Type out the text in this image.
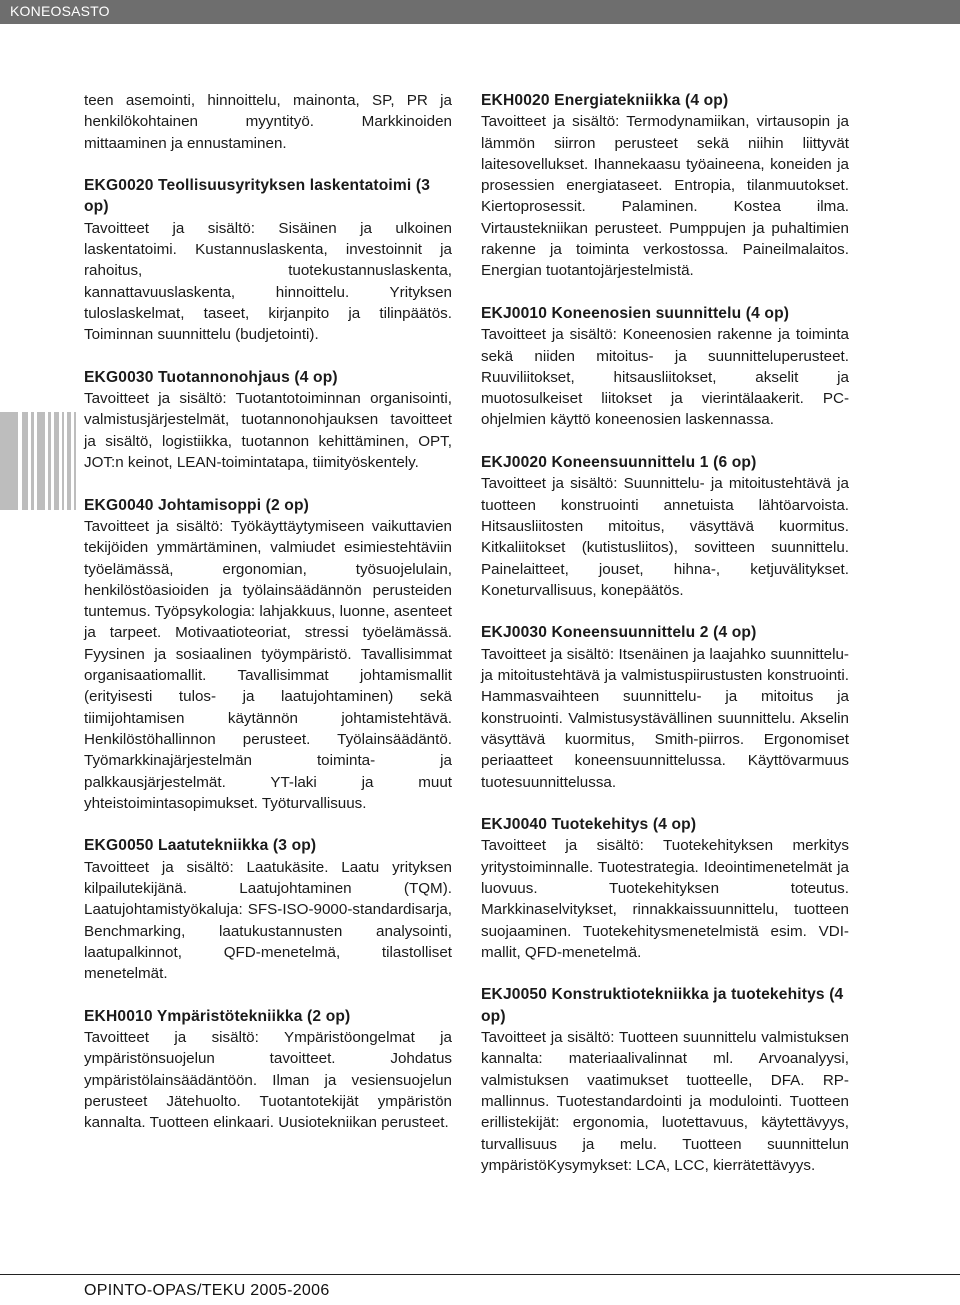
KONEOSASTO

teen asemointi, hinnoittelu, mainonta, SP, PR ja henkilökohtainen myyntityö. Markkinoiden mittaaminen ja ennustaminen.

EKG0020 Teollisuusyrityksen laskentatoimi (3 op)

Tavoitteet ja sisältö: Sisäinen ja ulkoinen laskentatoimi. Kustannuslaskenta, investoinnit ja rahoitus, tuotekustannuslaskenta, kannattavuuslaskenta, hinnoittelu. Yrityksen tuloslaskelmat, taseet, kirjanpito ja tilinpäätös. Toiminnan suunnittelu (budjetointi).

EKG0030 Tuotannonohjaus (4 op)

Tavoitteet ja sisältö: Tuotantotoiminnan organisointi, valmistusjärjestelmät, tuotannonohjauksen tavoitteet ja sisältö, logistiikka, tuotannon kehittäminen, OPT, JOT:n keinot, LEAN-toimintatapa, tiimityöskentely.

EKG0040 Johtamisoppi (2 op)

Tavoitteet ja sisältö: Työkäyttäytymiseen vaikuttavien tekijöiden ymmärtäminen, valmiudet esimiestehtäviin työelämässä, ergonomian, työsuojelulain, henkilöstöasioiden ja työlainsäädännön perusteiden tuntemus. Työpsykologia: lahjakkuus, luonne, asenteet ja tarpeet. Motivaatioteoriat, stressi työelämässä. Fyysinen ja sosiaalinen työympäristö. Tavallisimmat organisaatiomallit. Tavallisimmat johtamismallit (erityisesti tulos- ja laatujohtaminen) sekä tiimijohtamisen käytännön johtamistehtävä. Henkilöstöhallinnon perusteet. Työlainsäädäntö. Työmarkkinajärjestelmän toiminta- ja palkkausjärjestelmät. YT-laki ja muut yhteistoimintasopimukset. Työturvallisuus.

EKG0050 Laatutekniikka (3 op)

Tavoitteet ja sisältö: Laatukäsite. Laatu yrityksen kilpailutekijänä. Laatujohtaminen (TQM). Laatujohtamistyökaluja: SFS-ISO-9000-standardisarja, Benchmarking, laatukustannusten analysointi, laatupalkinnot, QFD-menetelmä, tilastolliset menetelmät.

EKH0010 Ympäristötekniikka (2 op)

Tavoitteet ja sisältö: Ympäristöongelmat ja ympäristönsuojelun tavoitteet. Johdatus ympäristölainsäädäntöön. Ilman ja vesiensuojelun perusteet Jätehuolto. Tuotantotekijät ympäristön kannalta. Tuotteen elinkaari. Uusiotekniikan perusteet.

EKH0020 Energiatekniikka (4 op)

Tavoitteet ja sisältö: Termodynamiikan, virtausopin ja lämmön siirron perusteet sekä niihin liittyvät laitesovellukset. Ihannekaasu työaineena, koneiden ja prosessien energiataseet. Entropia, tilanmuutokset. Kiertoprosessit. Palaminen. Kostea ilma. Virtaustekniikan perusteet. Pumppujen ja puhaltimien rakenne ja toiminta verkostossa. Paineilmalaitos. Energian tuotantojärjestelmistä.

EKJ0010 Koneenosien suunnittelu (4 op)

Tavoitteet ja sisältö: Koneenosien rakenne ja toiminta sekä niiden mitoitus- ja suunnitteluperusteet. Ruuviliitokset, hitsausliitokset, akselit ja muotosulkeiset liitokset ja vierintälaakerit. PC-ohjelmien käyttö koneenosien laskennassa.

EKJ0020 Koneensuunnittelu 1 (6 op)

Tavoitteet ja sisältö: Suunnittelu- ja mitoitustehtävä ja tuotteen konstruointi annetuista lähtöarvoista. Hitsausliitosten mitoitus, väsyttävä kuormitus. Kitkaliitokset (kutistusliitos), sovitteen suunnittelu. Painelaitteet, jouset, hihna-, ketjuvälitykset. Koneturvallisuus, konepäätös.

EKJ0030 Koneensuunnittelu 2 (4 op)

Tavoitteet ja sisältö: Itsenäinen ja laajahko suunnittelu- ja mitoitustehtävä ja valmistuspiirustusten konstruointi. Hammasvaihteen suunnittelu- ja mitoitus ja konstruointi. Valmistusystävällinen suunnittelu. Akselin väsyttävä kuormitus, Smith-piirros. Ergonomiset periaatteet koneensuunnittelussa. Käyttövarmuus tuotesuunnittelussa.

EKJ0040 Tuotekehitys (4 op)

Tavoitteet ja sisältö: Tuotekehityksen merkitys yritystoiminnalle. Tuotestrategia. Ideointimenetelmät ja luovuus. Tuotekehityksen toteutus. Markkinaselvitykset, rinnakkaissuunnittelu, tuotteen suojaaminen. Tuotekehitysmenetelmistä esim. VDI-mallit, QFD-menetelmä.

EKJ0050 Konstruktiotekniikka ja tuotekehitys (4 op)

Tavoitteet ja sisältö: Tuotteen suunnittelu valmistuksen kannalta: materiaalivalinnat ml. Arvoanalyysi, valmistuksen vaatimukset tuotteelle, DFA. RP-mallinnus. Tuotestandardointi ja modulointi. Tuotteen erillistekijät: ergonomia, luotettavuus, käytettävyys, turvallisuus ja melu. Tuotteen suunnittelun ympäristöKysymykset: LCA, LCC, kierrätettävyys.

OPINTO-OPAS/TEKU 2005-2006
